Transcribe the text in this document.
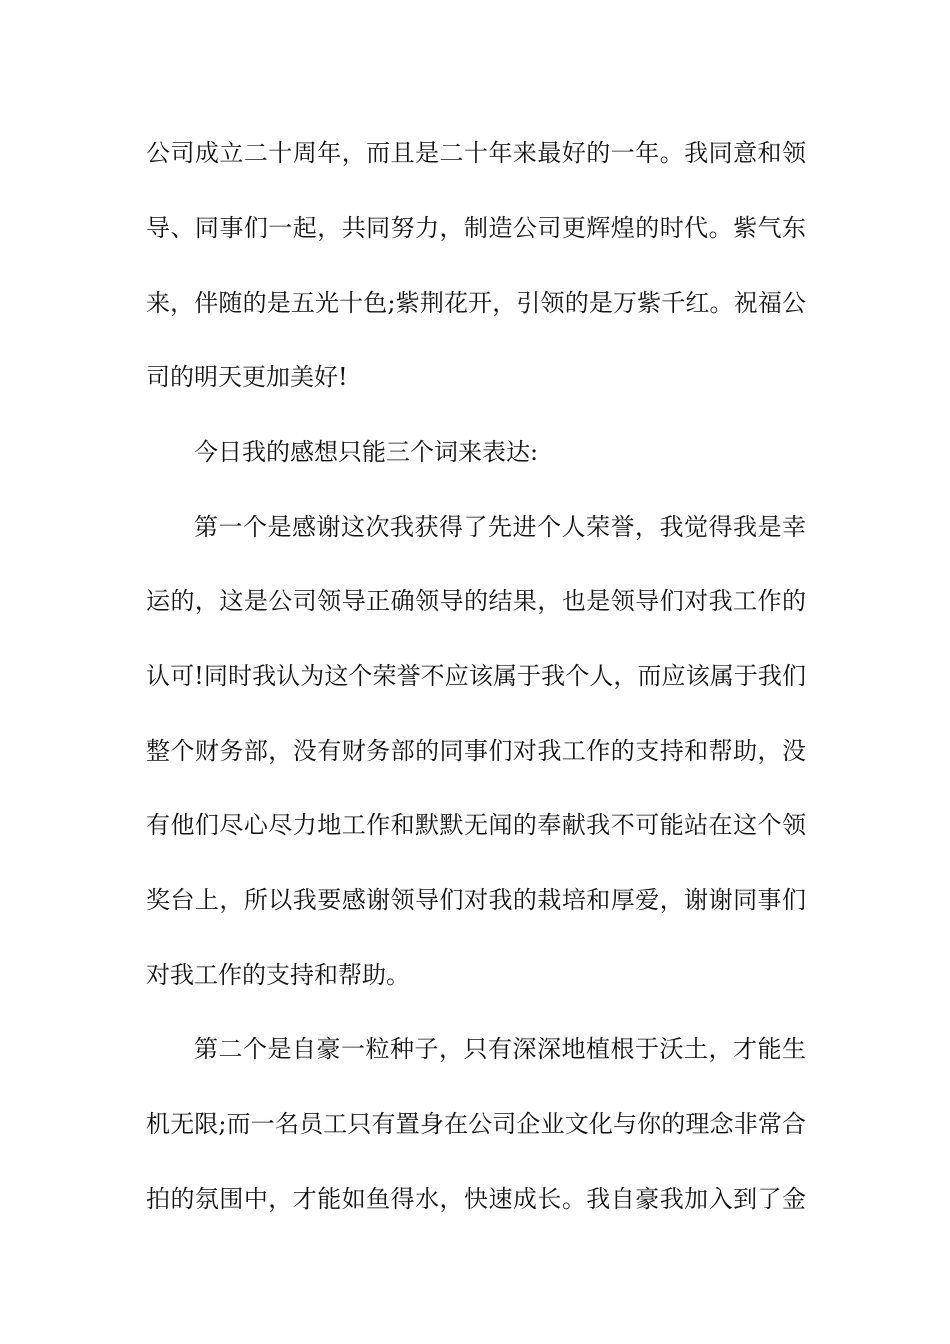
公司成立二十周年，而且是二十年来最好的一年。我同意和领
导、同事们一起，共同努力，制造公司更辉煌的时代。紫气东
来，伴随的是五光十色;紫荆花开，引领的是万紫千红。祝福公
司的明天更加美好!
今日我的感想只能三个词来表达:
第一个是感谢这次我获得了先进个人荣誉，我觉得我是幸
运的，这是公司领导正确领导的结果，也是领导们对我工作的
认可!同时我认为这个荣誉不应该属于我个人，而应该属于我们
整个财务部，没有财务部的同事们对我工作的支持和帮助，没
有他们尽心尽力地工作和默默无闻的奉献我不可能站在这个领
奖台上，所以我要感谢领导们对我的栽培和厚爱，谢谢同事们
对我工作的支持和帮助。
第二个是自豪一粒种子，只有深深地植根于沃土，才能生
机无限;而一名员工只有置身在公司企业文化与你的理念非常合
拍的氛围中，才能如鱼得水，快速成长。我自豪我加入到了金
